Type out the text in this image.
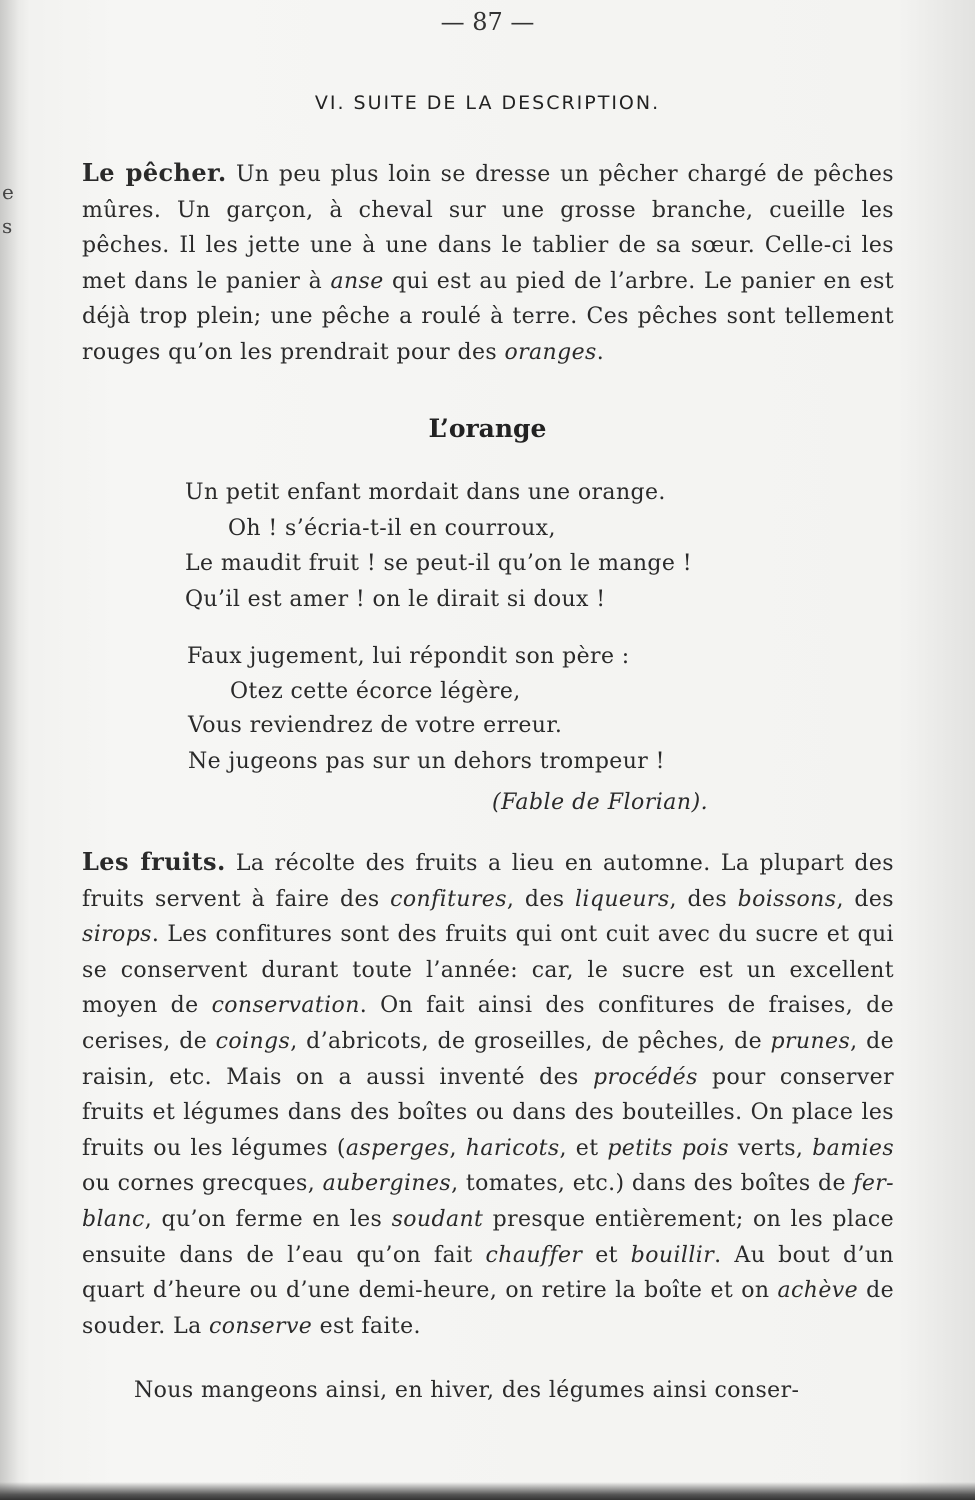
e
s
— 87 —
VI. SUITE DE LA DESCRIPTION.
Le pêcher. Un peu plus loin se dresse un pêcher chargé de pêches mûres. Un garçon, à cheval sur une grosse branche, cueille les pêches. Il les jette une à une dans le tablier de sa sœur. Celle-ci les met dans le panier à anse qui est au pied de l’arbre. Le panier en est déjà trop plein; une pêche a roulé à terre. Ces pêches sont tellement rouges qu’on les prendrait pour des oranges.
L’orange
Un petit enfant mordait dans une orange.
Oh ! s’écria-t-il en courroux,
Le maudit fruit ! se peut-il qu’on le mange !
Qu’il est amer ! on le dirait si doux !
Faux jugement, lui répondit son père :
Otez cette écorce légère,
Vous reviendrez de votre erreur.
Ne jugeons pas sur un dehors trompeur !
(Fable de Florian).
Les fruits. La récolte des fruits a lieu en automne. La plupart des fruits servent à faire des confitures, des liqueurs, des boissons, des sirops. Les confitures sont des fruits qui ont cuit avec du sucre et qui se conservent durant toute l’année: car, le sucre est un excellent moyen de conservation. On fait ainsi des confitures de fraises, de cerises, de coings, d’abricots, de groseilles, de pêches, de prunes, de raisin, etc. Mais on a aussi inventé des procédés pour conserver fruits et légumes dans des boîtes ou dans des bouteilles. On place les fruits ou les légumes (asperges, haricots, et petits pois verts, bamies ou cornes grecques, aubergines, tomates, etc.) dans des boîtes de fer-blanc, qu’on ferme en les soudant presque entièrement; on les place ensuite dans de l’eau qu’on fait chauffer et bouillir. Au bout d’un quart d’heure ou d’une demi-heure, on retire la boîte et on achève de souder. La conserve est faite.
Nous mangeons ainsi, en hiver, des légumes ainsi conser-
